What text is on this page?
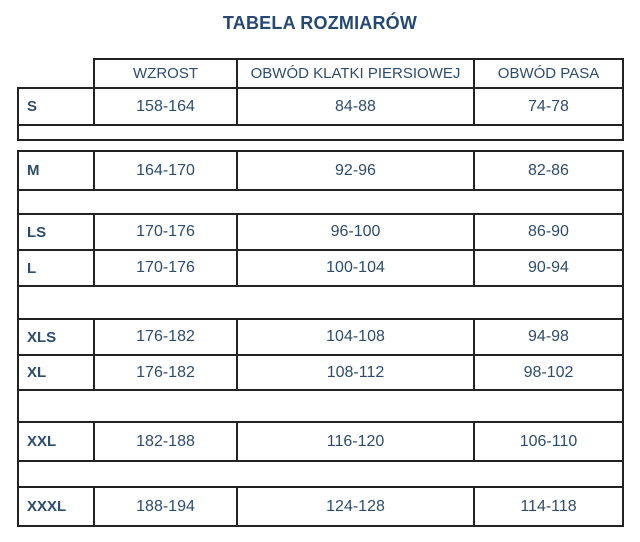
TABELA ROZMIARÓW
	WZROST	OBWÓD KLATKI PIERSIOWEJ	OBWÓD PASA
S	158-164	84-88	74-78

M	164-170	92-96	82-86

LS	170-176	96-100	86-90
L	170-176	100-104	90-94

XLS	176-182	104-108	94-98
XL	176-182	108-112	98-102

XXL	182-188	116-120	106-110

XXXL	188-194	124-128	114-118
